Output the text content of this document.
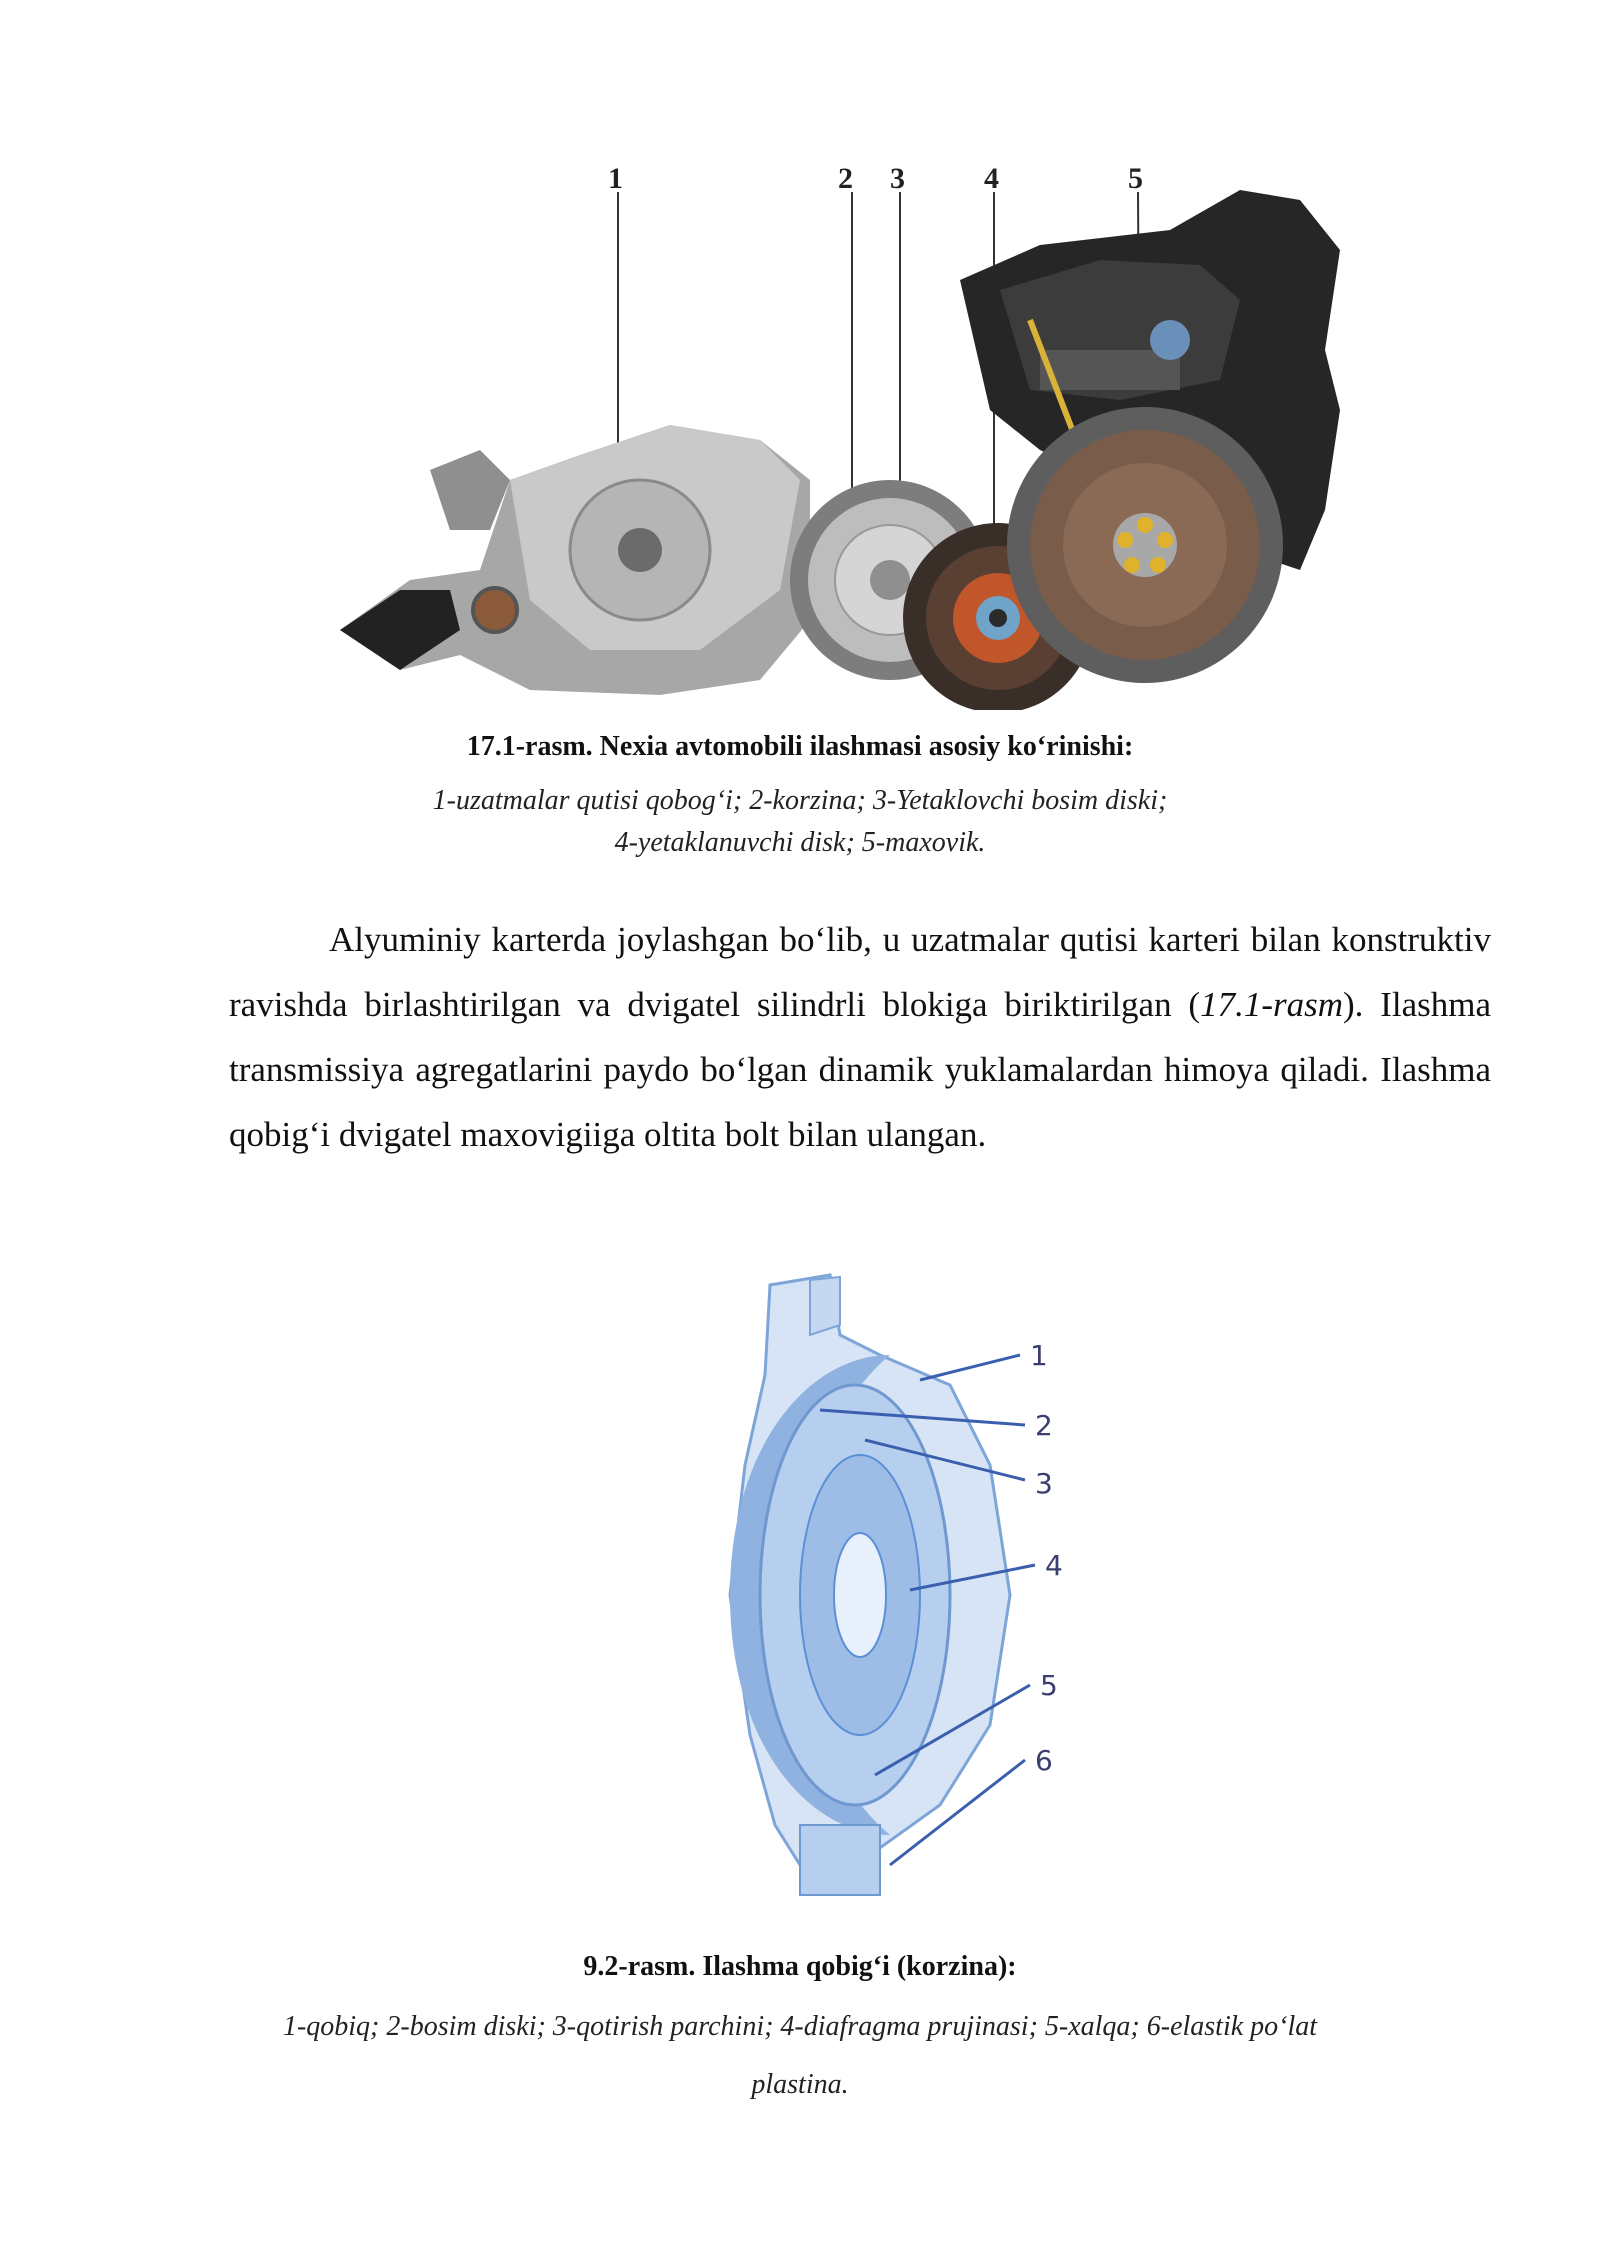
1	2 3	4	5
17.1-rasm. Nexia avtomobili ilashmasi asosiy ko‘rinishi:
1-uzatmalar qutisi qobog‘i; 2-korzina; 3-Yetaklovchi bosim diski;
4-yetaklanuvchi disk; 5-maxovik.
Alyuminiy karterda joylashgan bo‘lib, u uzatmalar qutisi karteri bilan konstruktiv ravishda birlashtirilgan va dvigatel silindrli blokiga biriktirilgan (17.1-rasm). Ilashma transmissiya agregatlarini paydo bo‘lgan dinamik yuklamalardan himoya qiladi. Ilashma qobig‘i dvigatel maxovigiiga oltita bolt bilan ulangan.
1
2
3
4
5
6
9.2-rasm. Ilashma qobig‘i (korzina):
1-qobiq; 2-bosim diski; 3-qotirish parchini; 4-diafragma prujinasi; 5-xalqa; 6-elastik po‘lat
plastina.
